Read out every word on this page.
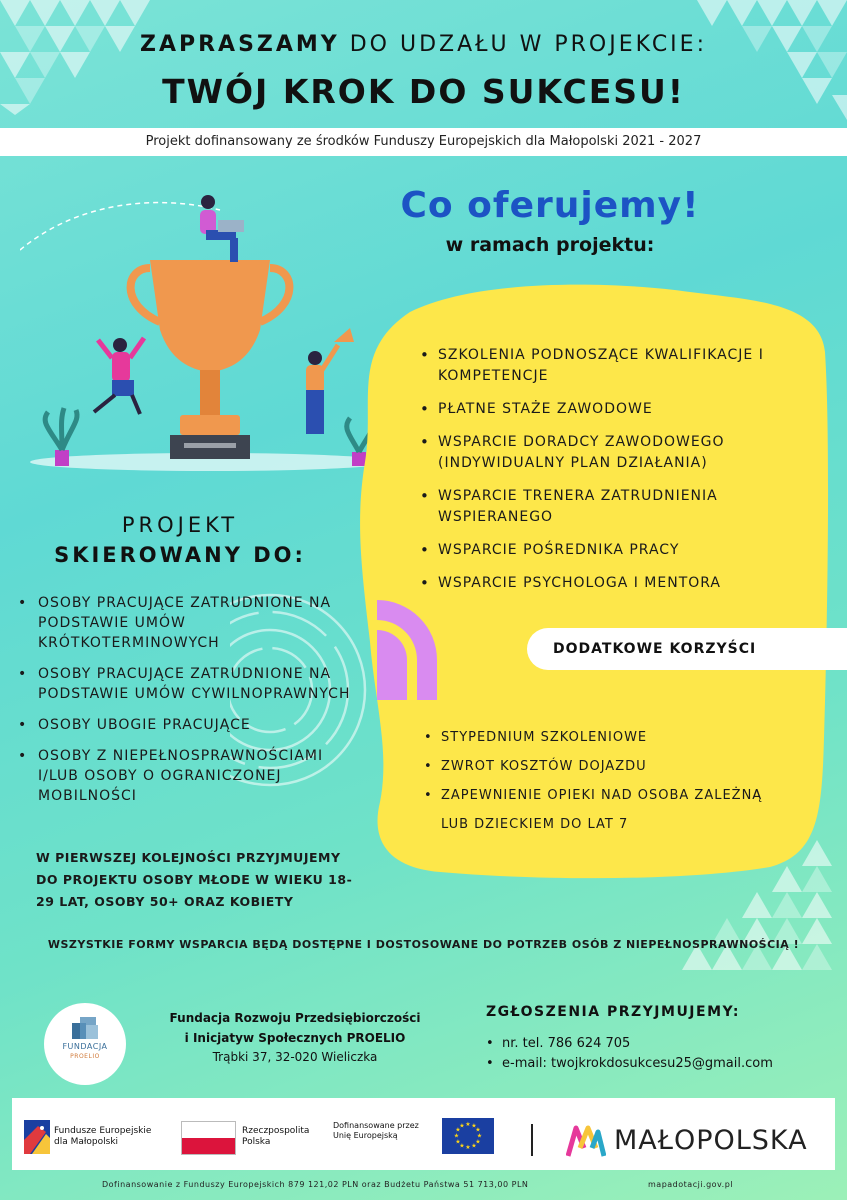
ZAPRASZAMY DO UDZAŁU W PROJEKCIE:
TWÓJ KROK DO SUKCESU!
Projekt dofinansowany ze środków Funduszy Europejskich dla Małopolski 2021 - 2027
Co oferujemy!
w ramach projektu:
• SZKOLENIA PODNOSZĄCE KWALIFIKACJE I KOMPETENCJE
• PŁATNE STAŻE ZAWODOWE
• WSPARCIE DORADCY ZAWODOWEGO (INDYWIDUALNY PLAN DZIAŁANIA)
• WSPARCIE TRENERA ZATRUDNIENIA WSPIERANEGO
• WSPARCIE POŚREDNIKA PRACY
• WSPARCIE PSYCHOLOGA I MENTORA
DODATKOWE KORZYŚCI
• STYPEDNIUM SZKOLENIOWE
• ZWROT KOSZTÓW DOJAZDU
• ZAPEWNIENIE OPIEKI NAD OSOBA ZALEŻNĄ
LUB DZIECKIEM DO LAT 7
PROJEKT
SKIEROWANY DO:
• OSOBY PRACUJĄCE ZATRUDNIONE NA PODSTAWIE UMÓW KRÓTKOTERMINOWYCH
• OSOBY PRACUJĄCE ZATRUDNIONE NA PODSTAWIE UMÓW CYWILNOPRAWNYCH
• OSOBY UBOGIE PRACUJĄCE
• OSOBY Z NIEPEŁNOSPRAWNOŚCIAMI I/LUB OSOBY O OGRANICZONEJ MOBILNOŚCI
W PIERWSZEJ KOLEJNOŚCI PRZYJMUJEMY DO PROJEKTU OSOBY MŁODE W WIEKU 18-29 LAT, OSOBY 50+ ORAZ KOBIETY
WSZYSTKIE FORMY WSPARCIA BĘDĄ DOSTĘPNE I DOSTOSOWANE DO POTRZEB OSÓB Z NIEPEŁNOSPRAWNOŚCIĄ !
FUNDACJA
PROELIO
Fundacja Rozwoju Przedsiębiorczości
i Inicjatyw Społecznych PROELIO
Trąbki 37, 32-020 Wieliczka
ZGŁOSZENIA PRZYJMUJEMY:
• nr. tel. 786 624 705
• e-mail: twojkrokdosukcesu25@gmail.com
Fundusze Europejskie
dla Małopolski
Rzeczpospolita
Polska
Dofinansowane przez
Unię Europejską
★ ★
★
★
★
★
★
★
★
★
★
★	MAŁOPOLSKA
Dofinansowanie z Funduszy Europejskich 879 121,02 PLN oraz Budżetu Państwa 51 713,00 PLN	mapadotacji.gov.pl
